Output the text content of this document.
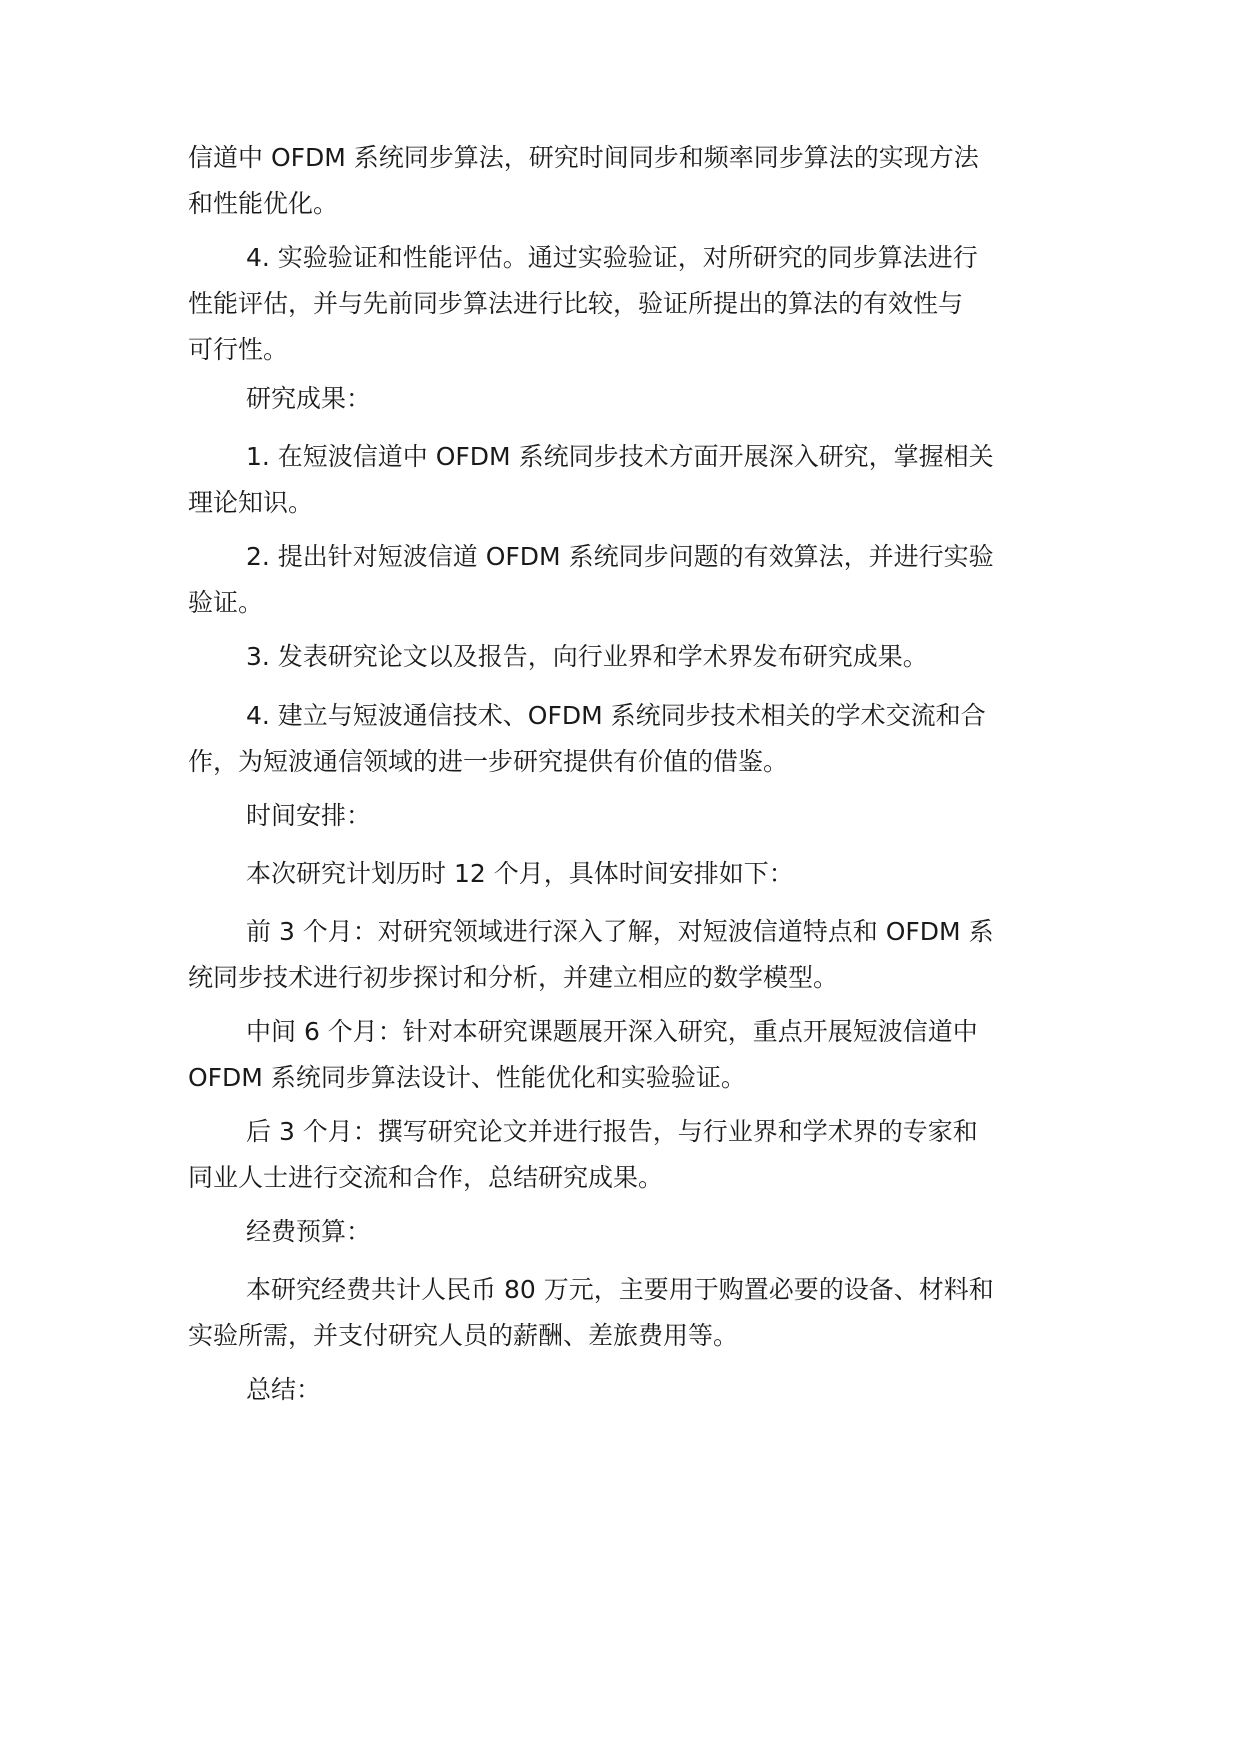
信道中 OFDM 系统同步算法，研究时间同步和频率同步算法的实现方法
和性能优化。

4. 实验验证和性能评估。通过实验验证，对所研究的同步算法进行
性能评估，并与先前同步算法进行比较，验证所提出的算法的有效性与
可行性。

研究成果：

1. 在短波信道中 OFDM 系统同步技术方面开展深入研究，掌握相关
理论知识。

2. 提出针对短波信道 OFDM 系统同步问题的有效算法，并进行实验
验证。

3. 发表研究论文以及报告，向行业界和学术界发布研究成果。

4. 建立与短波通信技术、OFDM 系统同步技术相关的学术交流和合
作，为短波通信领域的进一步研究提供有价值的借鉴。

时间安排：

本次研究计划历时 12 个月，具体时间安排如下：

前 3 个月：对研究领域进行深入了解，对短波信道特点和 OFDM 系
统同步技术进行初步探讨和分析，并建立相应的数学模型。

中间 6 个月：针对本研究课题展开深入研究，重点开展短波信道中
OFDM 系统同步算法设计、性能优化和实验验证。

后 3 个月：撰写研究论文并进行报告，与行业界和学术界的专家和
同业人士进行交流和合作，总结研究成果。

经费预算：

本研究经费共计人民币 80 万元，主要用于购置必要的设备、材料和
实验所需，并支付研究人员的薪酬、差旅费用等。

总结：
